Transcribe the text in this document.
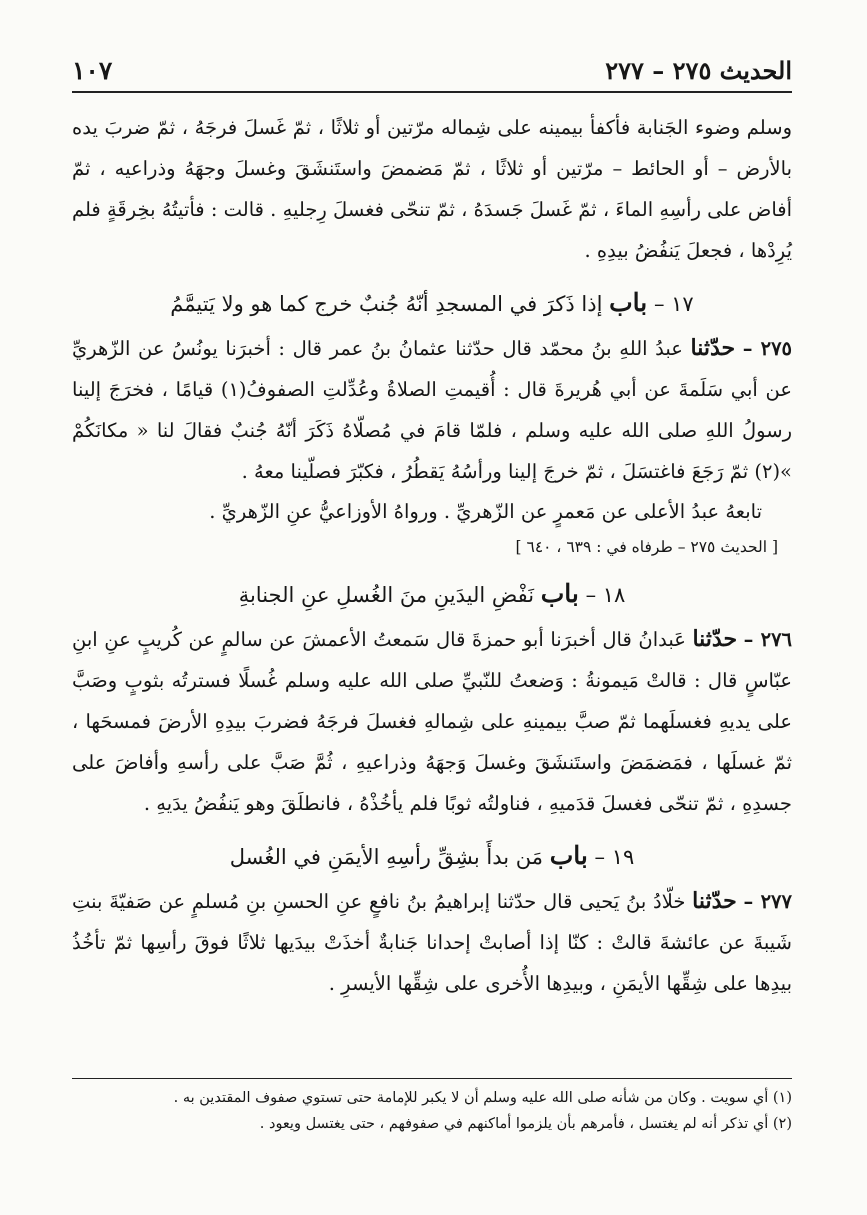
الحديث ٢٧٥ – ٢٧٧
١٠٧

وسلم وضوء الجَنابة فأكفأ بيمينه على شِماله مرّتين أو ثلاثًا ، ثمّ غَسلَ فرجَهُ ، ثمّ ضربَ يده بالأرض – أو الحائط – مرّتين أو ثلاثًا ، ثمّ مَضمضَ واستَنشَقَ وغسلَ وجهَهُ وذراعيه ، ثمّ أفاض على رأسِهِ الماءَ ، ثمّ غَسلَ جَسدَهُ ، ثمّ تنحّى فغسلَ رِجليهِ . قالت : فأتيتُهُ بخِرقَةٍ فلم يُرِدْها ، فجعلَ يَنفُضُ بيدِهِ .

١٧ – باب إذا ذَكرَ في المسجدِ أنّهُ جُنبٌ خرج كما هو ولا يَتيمَّمُ

٢٧٥ – حدّثنا عبدُ اللهِ بنُ محمّد قال حدّثنا عثمانُ بنُ عمر قال : أخبرَنا يونُسُ عن الزّهريِّ عن أبي سَلَمةَ عن أبي هُريرةَ قال : أُقيمتِ الصلاةُ وعُدِّلتِ الصفوفُ(١) قيامًا ، فخرَجَ إلينا رسولُ اللهِ صلى الله عليه وسلم ، فلمّا قامَ في مُصلّاهُ ذَكَرَ أنّهُ جُنبٌ فقالَ لنا « مكانَكُمْ »(٢) ثمّ رَجَعَ فاغتسَلَ ، ثمّ خرجَ إلينا ورأسُهُ يَقطُرُ ، فكبّرَ فصلّينا معهُ .

تابعهُ عبدُ الأعلى عن مَعمرٍ عن الزّهريِّ . ورواهُ الأوزاعيُّ عنِ الزّهريِّ .

[ الحديث ٢٧٥ – طرفاه في : ٦٣٩ ، ٦٤٠ ]

١٨ – باب نَفْضِ اليدَينِ منَ الغُسلِ عنِ الجنابةِ

٢٧٦ – حدّثنا عَبدانُ قال أخبرَنا أبو حمزةَ قال سَمعتُ الأعمشَ عن سالمٍ عن كُريبٍ عنِ ابنِ عبّاسٍ قال : قالتْ مَيمونةُ : وَضعتُ للنّبيِّ صلى الله عليه وسلم غُسلًا فسترتُه بثوبٍ وصَبَّ على يديهِ فغسلَهما ثمّ صبَّ بيمينهِ على شِمالهِ فغسلَ فرجَهُ فضربَ بيدِهِ الأرضَ فمسحَها ، ثمّ غسلَها ، فمَضمَضَ واستَنشَقَ وغسلَ وَجهَهُ وذراعيهِ ، ثُمَّ صَبَّ على رأسهِ وأفاضَ على جسدِهِ ، ثمّ تنحّى فغسلَ قدَميهِ ، فناولتُه ثوبًا فلم يأخُذْهُ ، فانطلَقَ وهو يَنفُضُ يدَيهِ .

١٩ – باب مَن بدأَ بشِقِّ رأسِهِ الأيمَنِ في الغُسل

٢٧٧ – حدّثنا خلّادُ بنُ يَحيى قال حدّثنا إبراهيمُ بنُ نافعٍ عنِ الحسنِ بنِ مُسلمٍ عن صَفيّةَ بنتِ شَيبةَ عن عائشةَ قالتْ : كنّا إذا أصابتْ إحدانا جَنابةٌ أخذَتْ بيدَيها ثلاثًا فوقَ رأسِها ثمّ تأخُذُ بيدِها على شِقِّها الأيمَنِ ، وبيدِها الأُخرى على شِقِّها الأيسرِ .

(١) أي سويت . وكان من شأنه صلى الله عليه وسلم أن لا يكبر للإمامة حتى تستوي صفوف المقتدين به .

(٢) أي تذكر أنه لم يغتسل ، فأمرهم بأن يلزموا أماكنهم في صفوفهم ، حتى يغتسل ويعود .
